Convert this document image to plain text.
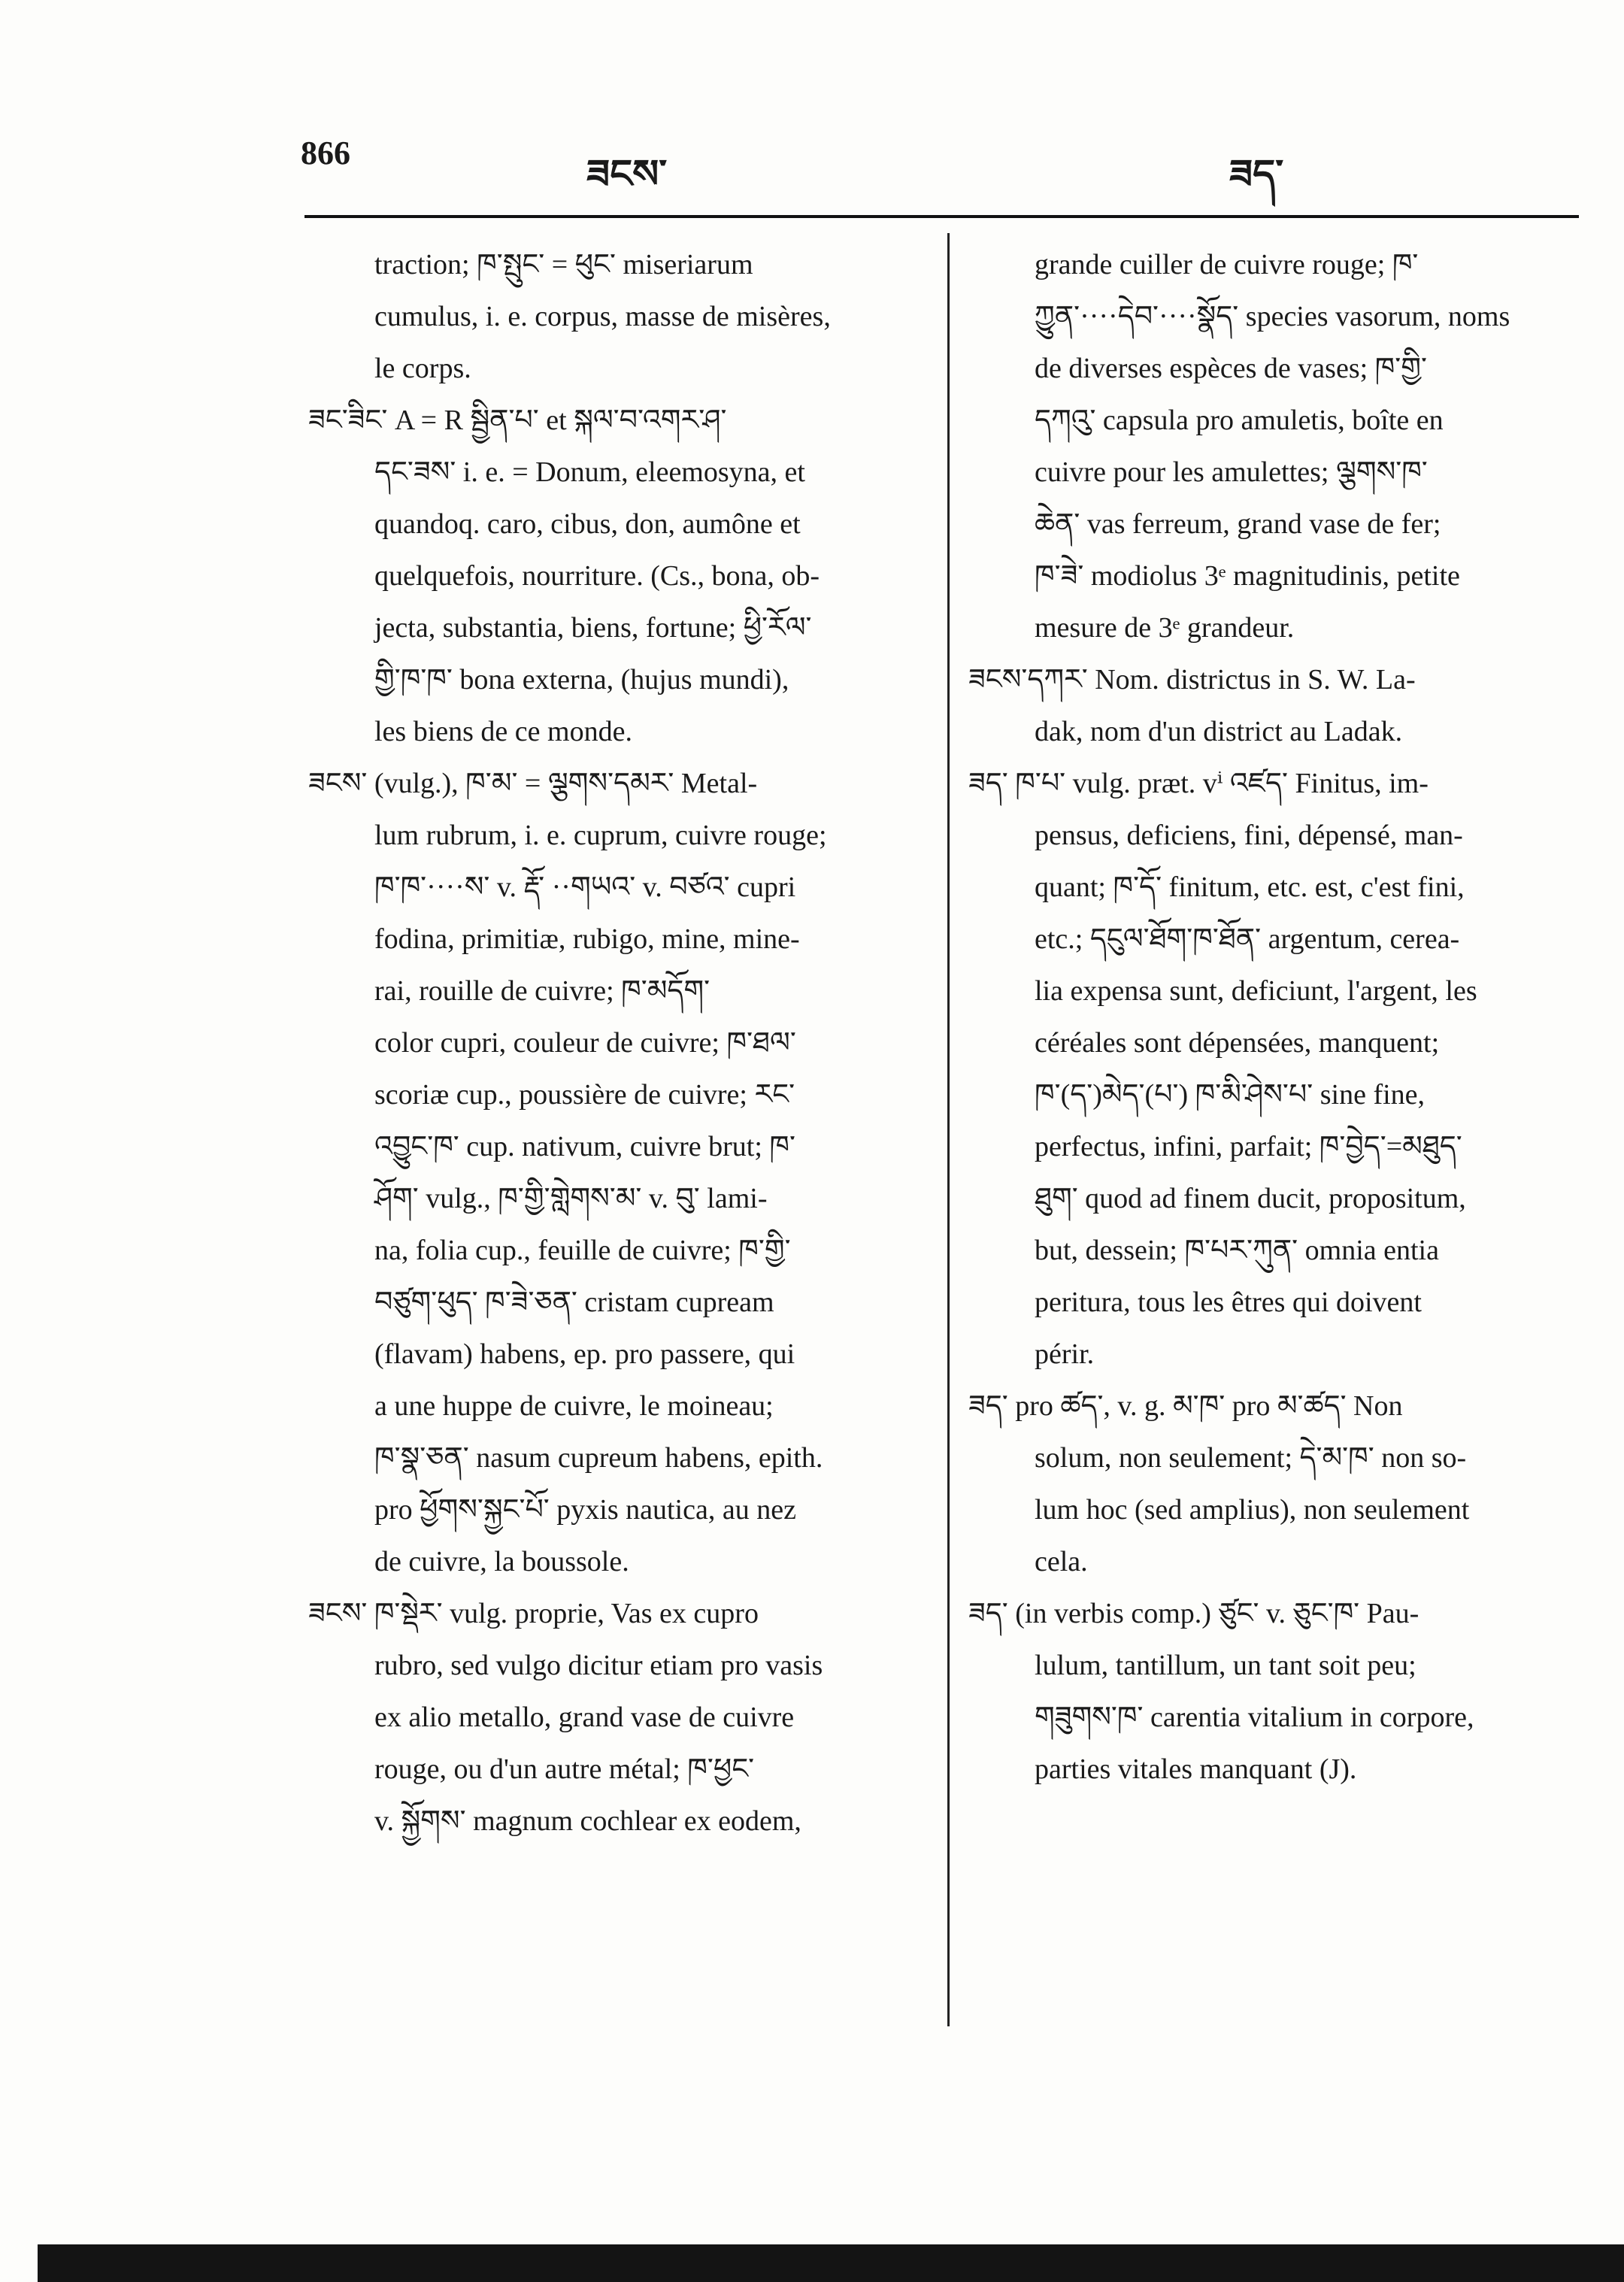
866	ཟངས་	ཟད་
traction; ཁ་སྤུང་ = ཕུང་ miseriarum
cumulus, i. e. corpus, masse de misères,
le corps.
ཟང་ཟིང་ A = R སྦྱིན་པ་ et སྐལ་བ་འགར་ཤ་
དང་ཟས་ i. e. = Donum, eleemosyna, et
quandoq. caro, cibus, don, aumône et
quelquefois, nourriture. (Cs., bona, ob-
jecta, substantia, biens, fortune; ཕྱི་རོལ་
གྱི་ཁ་ཁ་ bona externa, (hujus mundi),
les biens de ce monde.
ཟངས་ (vulg.), ཁ་མ་ = ལྕགས་དམར་ Metal-
lum rubrum, i. e. cuprum, cuivre rouge;
ཁ་ཁ་····ས་ v. རྡོ་ ··གཡའ་ v. བཙའ་ cupri
fodina, primitiæ, rubigo, mine, mine-
rai, rouille de cuivre; ཁ་མདོག་
color cupri, couleur de cuivre; ཁ་ཐལ་
scoriæ cup., poussière de cuivre; རང་
འབྱུང་ཁ་ cup. nativum, cuivre brut; ཁ་
ཤོག་ vulg., ཁ་གྱི་གླེགས་མ་ v. བུ་ lami-
na, folia cup., feuille de cuivre; ཁ་གྱི་
བཙུག་ཕུད་ ཁ་ཟེ་ཅན་ cristam cupream
(flavam) habens, ep. pro passere, qui
a une huppe de cuivre, le moineau;
ཁ་སྣ་ཅན་ nasum cupreum habens, epith.
pro ཕྱོགས་སྐྱང་པོ་ pyxis nautica, au nez
de cuivre, la boussole.
ཟངས་ ཁ་སྡེར་ vulg. proprie, Vas ex cupro
rubro, sed vulgo dicitur etiam pro vasis
ex alio metallo, grand vase de cuivre
rouge, ou d'un autre métal; ཁ་ཕྱང་
v. སྐྱོགས་ magnum cochlear ex eodem,
grande cuiller de cuivre rouge; ཁ་
ཀྱུན་····དེབ་····སྣོད་ species vasorum, noms
de diverses espèces de vases; ཁ་གྱི་
དཀའུ་ capsula pro amuletis, boîte en
cuivre pour les amulettes; ལྕགས་ཁ་
ཆེན་ vas ferreum, grand vase de fer;
ཁ་ཟེ་ modiolus 3ᵉ magnitudinis, petite
mesure de 3ᵉ grandeur.
ཟངས་དཀར་ Nom. districtus in S. W. La-
dak, nom d'un district au Ladak.
ཟད་ ཁ་པ་ vulg. præt. vⁱ འཛད་ Finitus, im-
pensus, deficiens, fini, dépensé, man-
quant; ཁ་དོ་ finitum, etc. est, c'est fini,
etc.; དངུལ་ཐོག་ཁ་ཐོན་ argentum, cerea-
lia expensa sunt, deficiunt, l'argent, les
céréales sont dépensées, manquent;
ཁ་(ད་)མེད་(པ་) ཁ་མི་ཤེས་པ་ sine fine,
perfectus, infini, parfait; ཁ་བྱེད་=མཐུད་
ཐུག་ quod ad finem ducit, propositum,
but, dessein; ཁ་པར་ཀུན་ omnia entia
peritura, tous les êtres qui doivent
périr.
ཟད་ pro ཚད་, v. g. མ་ཁ་ pro མ་ཚད་ Non
solum, non seulement; དེ་མ་ཁ་ non so-
lum hoc (sed amplius), non seulement
cela.
ཟད་ (in verbis comp.) ཙུང་ v. ཅུང་ཁ་ Pau-
lulum, tantillum, un tant soit peu;
གཟུགས་ཁ་ carentia vitalium in corpore,
parties vitales manquant (J).
